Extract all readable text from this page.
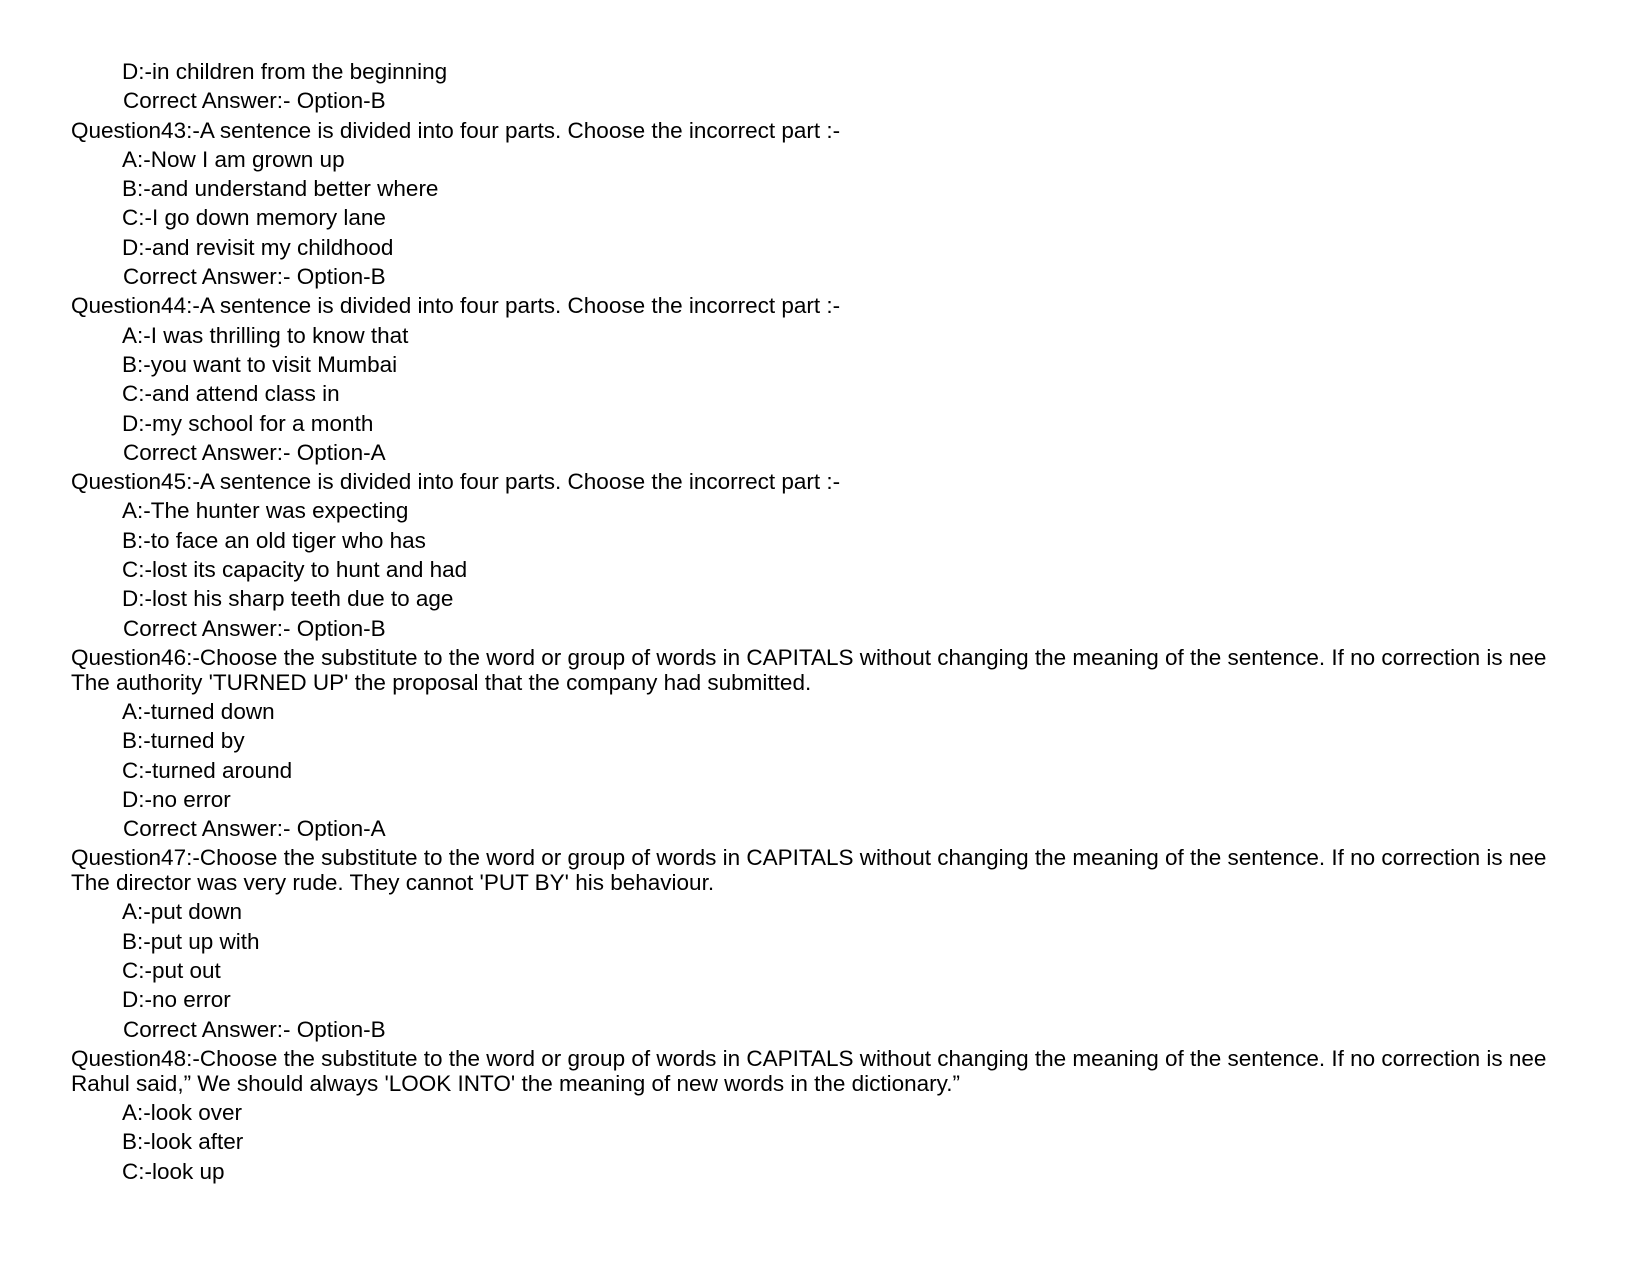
D:-in children from the beginning
Correct Answer:- Option-B
Question43:-A sentence is divided into four parts. Choose the incorrect part :-
A:-Now I am grown up
B:-and understand better where
C:-I go down memory lane
D:-and revisit my childhood
Correct Answer:- Option-B
Question44:-A sentence is divided into four parts. Choose the incorrect part :-
A:-I was thrilling to know that
B:-you want to visit Mumbai
C:-and attend class in
D:-my school for a month
Correct Answer:- Option-A
Question45:-A sentence is divided into four parts. Choose the incorrect part :-
A:-The hunter was expecting
B:-to face an old tiger who has
C:-lost its capacity to hunt and had
D:-lost his sharp teeth due to age
Correct Answer:- Option-B
Question46:-Choose the substitute to the word or group of words in CAPITALS without changing the meaning of the sentence. If no correction is nee
The authority 'TURNED UP' the proposal that the company had submitted.
A:-turned down
B:-turned by
C:-turned around
D:-no error
Correct Answer:- Option-A
Question47:-Choose the substitute to the word or group of words in CAPITALS without changing the meaning of the sentence. If no correction is nee
The director was very rude. They cannot 'PUT BY' his behaviour.
A:-put down
B:-put up with
C:-put out
D:-no error
Correct Answer:- Option-B
Question48:-Choose the substitute to the word or group of words in CAPITALS without changing the meaning of the sentence. If no correction is nee
Rahul said,” We should always 'LOOK INTO' the meaning of new words in the dictionary.”
A:-look over
B:-look after
C:-look up
